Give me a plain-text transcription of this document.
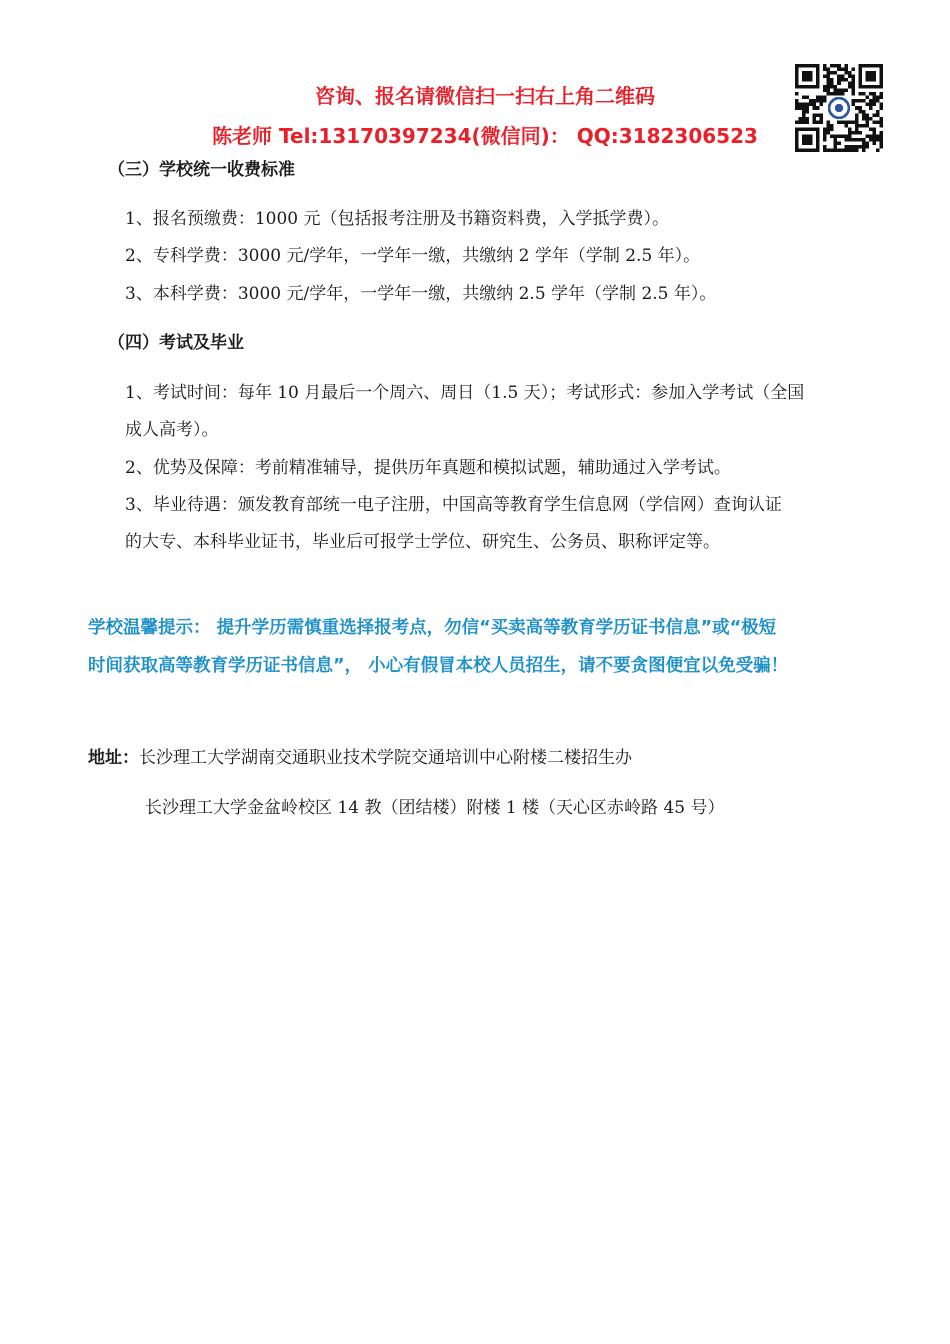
咨询、报名请微信扫一扫右上角二维码
陈老师 Tel:13170397234(微信同)： QQ:3182306523
（三）学校统一收费标准
1、报名预缴费：1000 元（包括报考注册及书籍资料费，入学抵学费）。
2、专科学费：3000 元/学年，一学年一缴，共缴纳 2 学年（学制 2.5 年）。
3、本科学费：3000 元/学年，一学年一缴，共缴纳 2.5 学年（学制 2.5 年）。
（四）考试及毕业
1、考试时间：每年 10 月最后一个周六、周日（1.5 天）；考试形式：参加入学考试（全国
成人高考）。
2、优势及保障：考前精准辅导，提供历年真题和模拟试题，辅助通过入学考试。
3、毕业待遇：颁发教育部统一电子注册，中国高等教育学生信息网（学信网）查询认证
的大专、本科毕业证书，毕业后可报学士学位、研究生、公务员、职称评定等。
学校温馨提示： 提升学历需慎重选择报考点，勿信“买卖高等教育学历证书信息”或“极短
时间获取高等教育学历证书信息”， 小心有假冒本校人员招生，请不要贪图便宜以免受骗！
地址：长沙理工大学湖南交通职业技术学院交通培训中心附楼二楼招生办
长沙理工大学金盆岭校区 14 教（团结楼）附楼 1 楼（天心区赤岭路 45 号）
